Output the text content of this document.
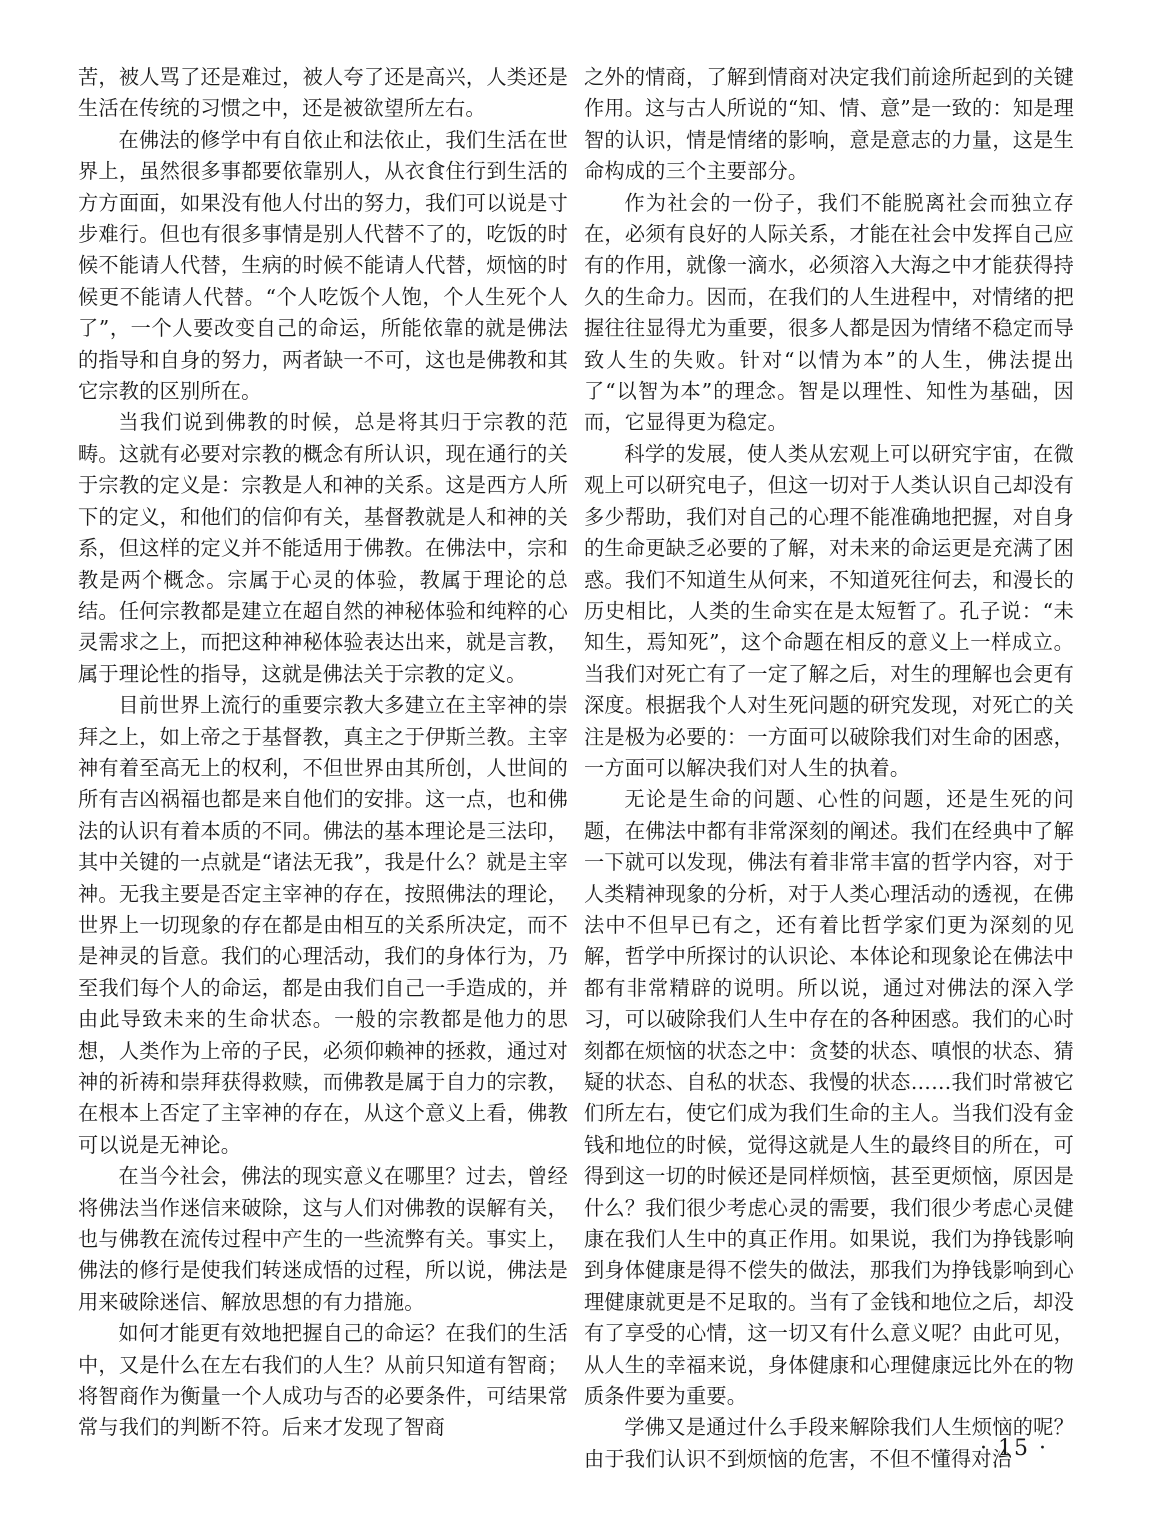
苦，被人骂了还是难过，被人夸了还是高兴，人类还是生活在传统的习惯之中，还是被欲望所左右。

在佛法的修学中有自依止和法依止，我们生活在世界上，虽然很多事都要依靠别人，从衣食住行到生活的方方面面，如果没有他人付出的努力，我们可以说是寸步难行。但也有很多事情是别人代替不了的，吃饭的时候不能请人代替，生病的时候不能请人代替，烦恼的时候更不能请人代替。“个人吃饭个人饱，个人生死个人了”，一个人要改变自己的命运，所能依靠的就是佛法的指导和自身的努力，两者缺一不可，这也是佛教和其它宗教的区别所在。

当我们说到佛教的时候，总是将其归于宗教的范畴。这就有必要对宗教的概念有所认识，现在通行的关于宗教的定义是：宗教是人和神的关系。这是西方人所下的定义，和他们的信仰有关，基督教就是人和神的关系，但这样的定义并不能适用于佛教。在佛法中，宗和教是两个概念。宗属于心灵的体验，教属于理论的总结。任何宗教都是建立在超自然的神秘体验和纯粹的心灵需求之上，而把这种神秘体验表达出来，就是言教，属于理论性的指导，这就是佛法关于宗教的定义。

目前世界上流行的重要宗教大多建立在主宰神的崇拜之上，如上帝之于基督教，真主之于伊斯兰教。主宰神有着至高无上的权利，不但世界由其所创，人世间的所有吉凶祸福也都是来自他们的安排。这一点，也和佛法的认识有着本质的不同。佛法的基本理论是三法印，其中关键的一点就是“诸法无我”，我是什么？就是主宰神。无我主要是否定主宰神的存在，按照佛法的理论，世界上一切现象的存在都是由相互的关系所决定，而不是神灵的旨意。我们的心理活动，我们的身体行为，乃至我们每个人的命运，都是由我们自己一手造成的，并由此导致未来的生命状态。一般的宗教都是他力的思想，人类作为上帝的子民，必须仰赖神的拯救，通过对神的祈祷和崇拜获得救赎，而佛教是属于自力的宗教，在根本上否定了主宰神的存在，从这个意义上看，佛教可以说是无神论。

在当今社会，佛法的现实意义在哪里？过去，曾经将佛法当作迷信来破除，这与人们对佛教的误解有关，也与佛教在流传过程中产生的一些流弊有关。事实上，佛法的修行是使我们转迷成悟的过程，所以说，佛法是用来破除迷信、解放思想的有力措施。

如何才能更有效地把握自己的命运？在我们的生活中，又是什么在左右我们的人生？从前只知道有智商；将智商作为衡量一个人成功与否的必要条件，可结果常常与我们的判断不符。后来才发现了智商

之外的情商，了解到情商对决定我们前途所起到的关键作用。这与古人所说的“知、情、意”是一致的：知是理智的认识，情是情绪的影响，意是意志的力量，这是生命构成的三个主要部分。

作为社会的一份子，我们不能脱离社会而独立存在，必须有良好的人际关系，才能在社会中发挥自己应有的作用，就像一滴水，必须溶入大海之中才能获得持久的生命力。因而，在我们的人生进程中，对情绪的把握往往显得尤为重要，很多人都是因为情绪不稳定而导致人生的失败。针对“以情为本”的人生，佛法提出了“以智为本”的理念。智是以理性、知性为基础，因而，它显得更为稳定。

科学的发展，使人类从宏观上可以研究宇宙，在微观上可以研究电子，但这一切对于人类认识自己却没有多少帮助，我们对自己的心理不能准确地把握，对自身的生命更缺乏必要的了解，对未来的命运更是充满了困惑。我们不知道生从何来，不知道死往何去，和漫长的历史相比，人类的生命实在是太短暂了。孔子说：“未知生，焉知死”，这个命题在相反的意义上一样成立。当我们对死亡有了一定了解之后，对生的理解也会更有深度。根据我个人对生死问题的研究发现，对死亡的关注是极为必要的：一方面可以破除我们对生命的困惑，一方面可以解决我们对人生的执着。

无论是生命的问题、心性的问题，还是生死的问题，在佛法中都有非常深刻的阐述。我们在经典中了解一下就可以发现，佛法有着非常丰富的哲学内容，对于人类精神现象的分析，对于人类心理活动的透视，在佛法中不但早已有之，还有着比哲学家们更为深刻的见解，哲学中所探讨的认识论、本体论和现象论在佛法中都有非常精辟的说明。所以说，通过对佛法的深入学习，可以破除我们人生中存在的各种困惑。我们的心时刻都在烦恼的状态之中：贪婪的状态、嗔恨的状态、猜疑的状态、自私的状态、我慢的状态……我们时常被它们所左右，使它们成为我们生命的主人。当我们没有金钱和地位的时候，觉得这就是人生的最终目的所在，可得到这一切的时候还是同样烦恼，甚至更烦恼，原因是什么？我们很少考虑心灵的需要，我们很少考虑心灵健康在我们人生中的真正作用。如果说，我们为挣钱影响到身体健康是得不偿失的做法，那我们为挣钱影响到心理健康就更是不足取的。当有了金钱和地位之后，却没有了享受的心情，这一切又有什么意义呢？由此可见，从人生的幸福来说，身体健康和心理健康远比外在的物质条件要为重要。

学佛又是通过什么手段来解除我们人生烦恼的呢？由于我们认识不到烦恼的危害，不但不懂得对治

· 15 ·
